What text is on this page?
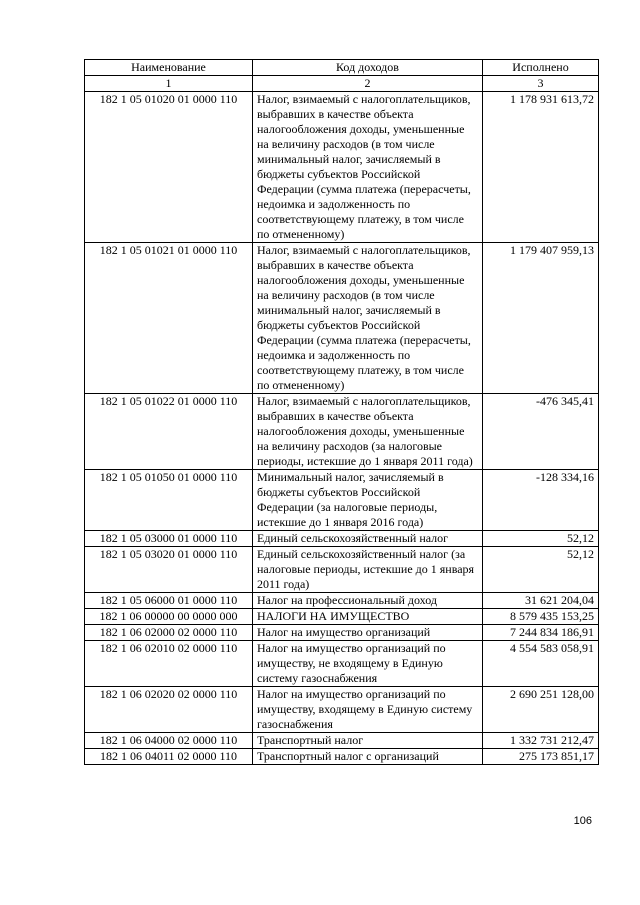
Наименование	Код доходов	Исполнено
1	2	3
182 1 05 01020 01 0000 110	Налог, взимаемый с налогоплательщиков, выбравших в качестве объекта налогообложения доходы, уменьшенные на величину расходов (в том числе минимальный налог, зачисляемый в бюджеты субъектов Российской Федерации (сумма платежа (перерасчеты, недоимка и задолженность по соответствующему платежу, в том числе по отмененному)	1 178 931 613,72
182 1 05 01021 01 0000 110	Налог, взимаемый с налогоплательщиков, выбравших в качестве объекта налогообложения доходы, уменьшенные на величину расходов (в том числе минимальный налог, зачисляемый в бюджеты субъектов Российской Федерации (сумма платежа (перерасчеты, недоимка и задолженность по соответствующему платежу, в том числе по отмененному)	1 179 407 959,13
182 1 05 01022 01 0000 110	Налог, взимаемый с налогоплательщиков, выбравших в качестве объекта налогообложения доходы, уменьшенные на величину расходов (за налоговые периоды, истекшие до 1 января 2011 года)	-476 345,41
182 1 05 01050 01 0000 110	Минимальный налог, зачисляемый в бюджеты субъектов Российской Федерации (за налоговые периоды, истекшие до 1 января 2016 года)	-128 334,16
182 1 05 03000 01 0000 110	Единый сельскохозяйственный налог	52,12
182 1 05 03020 01 0000 110	Единый сельскохозяйственный налог (за налоговые периоды, истекшие до 1 января 2011 года)	52,12
182 1 05 06000 01 0000 110	Налог на профессиональный доход	31 621 204,04
182 1 06 00000 00 0000 000	НАЛОГИ НА ИМУЩЕСТВО	8 579 435 153,25
182 1 06 02000 02 0000 110	Налог на имущество организаций	7 244 834 186,91
182 1 06 02010 02 0000 110	Налог на имущество организаций по имуществу, не входящему в Единую систему газоснабжения	4 554 583 058,91
182 1 06 02020 02 0000 110	Налог на имущество организаций по имуществу, входящему в Единую систему газоснабжения	2 690 251 128,00
182 1 06 04000 02 0000 110	Транспортный налог	1 332 731 212,47
182 1 06 04011 02 0000 110	Транспортный налог с организаций	275 173 851,17
106
